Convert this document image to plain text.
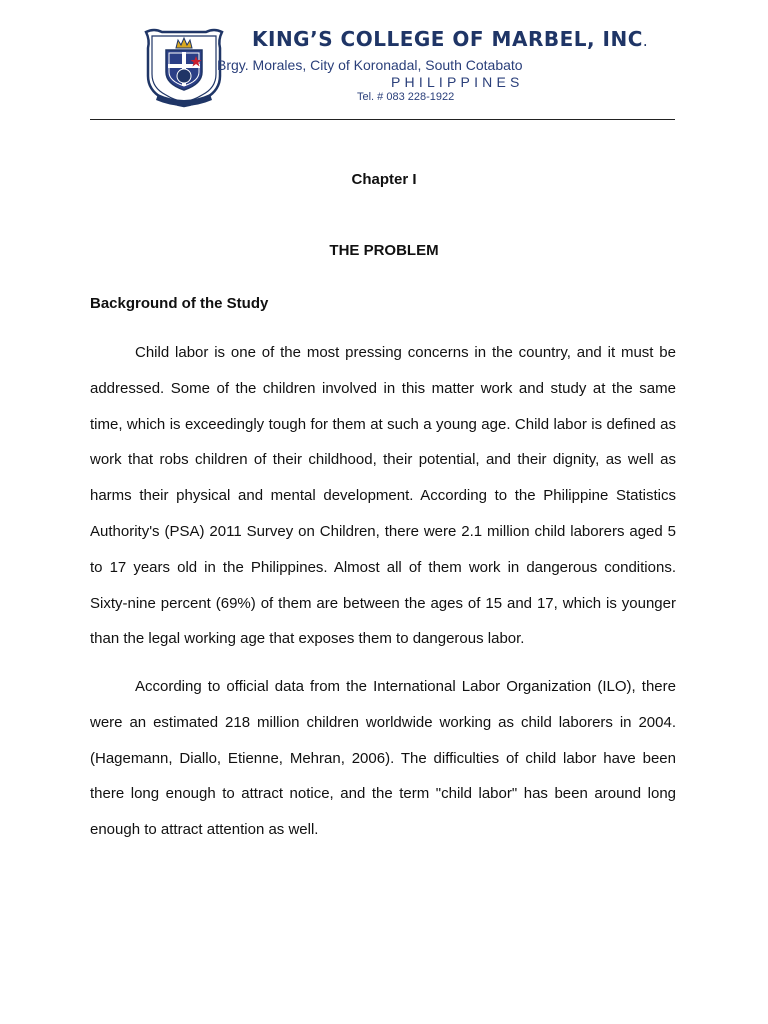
KING’S COLLEGE OF MARBEL, INC.
Brgy. Morales, City of Koronadal, South Cotabato
PHILIPPINES
Tel. # 083 228-1922
Chapter I
THE PROBLEM
Background of the Study

Child labor is one of the most pressing concerns in the country, and it must be addressed. Some of the children involved in this matter work and study at the same time, which is exceedingly tough for them at such a young age. Child labor is defined as work that robs children of their childhood, their potential, and their dignity, as well as harms their physical and mental development. According to the Philippine Statistics Authority's (PSA) 2011 Survey on Children, there were 2.1 million child laborers aged 5 to 17 years old in the Philippines. Almost all of them work in dangerous conditions. Sixty-nine percent (69%) of them are between the ages of 15 and 17, which is younger than the legal working age that exposes them to dangerous labor.

According to official data from the International Labor Organization (ILO), there were an estimated 218 million children worldwide working as child laborers in 2004. (Hagemann, Diallo, Etienne, Mehran, 2006). The difficulties of child labor have been there long enough to attract notice, and the term "child labor" has been around long enough to attract attention as well.
